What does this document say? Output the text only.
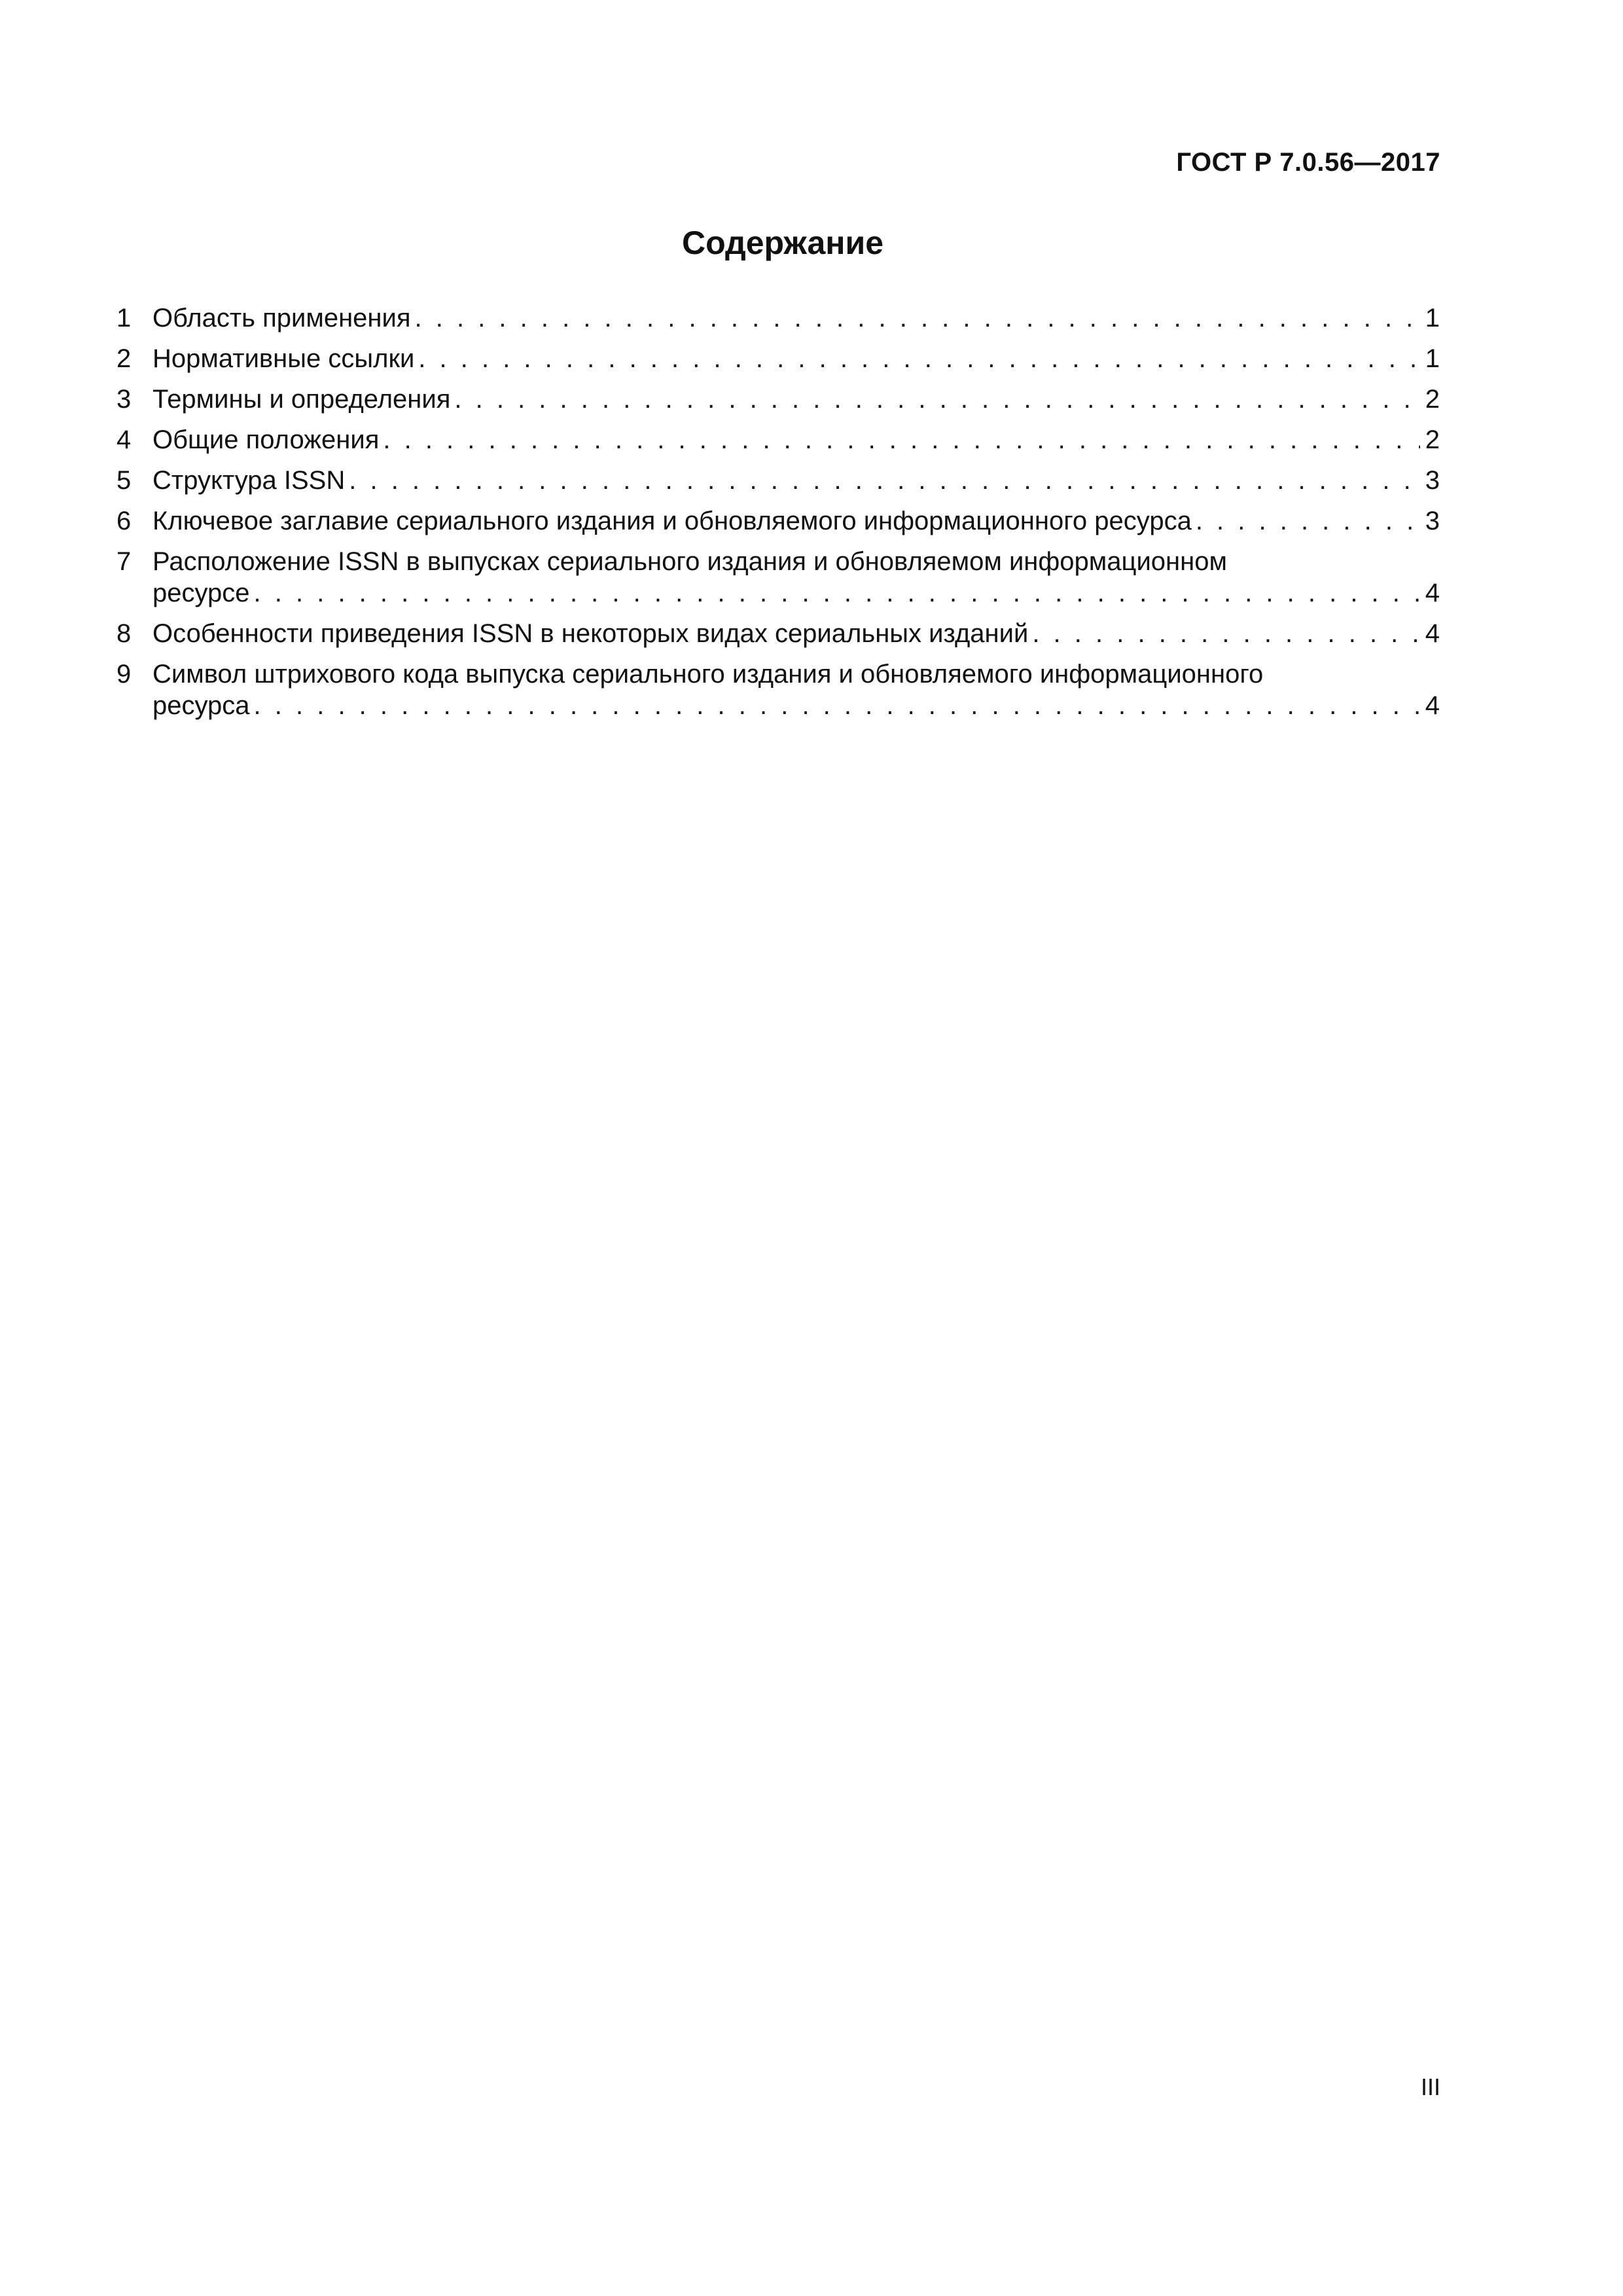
ГОСТ Р 7.0.56—2017
Содержание
1 Область применения . . .	1
2 Нормативные ссылки . . .	1
3 Термины и определения . . .	2
4 Общие положения . . .	2
5 Структура ISSN . . .	3
6 Ключевое заглавие сериального издания и обновляемого информационного ресурса . . .	3
7 Расположение ISSN в выпусках сериального издания и обновляемом информационном
ресурсе . . .	4
8 Особенности приведения ISSN в некоторых видах сериальных изданий . . .	4
9 Символ штрихового кода выпуска сериального издания и обновляемого информационного
ресурса . . .	4
III
